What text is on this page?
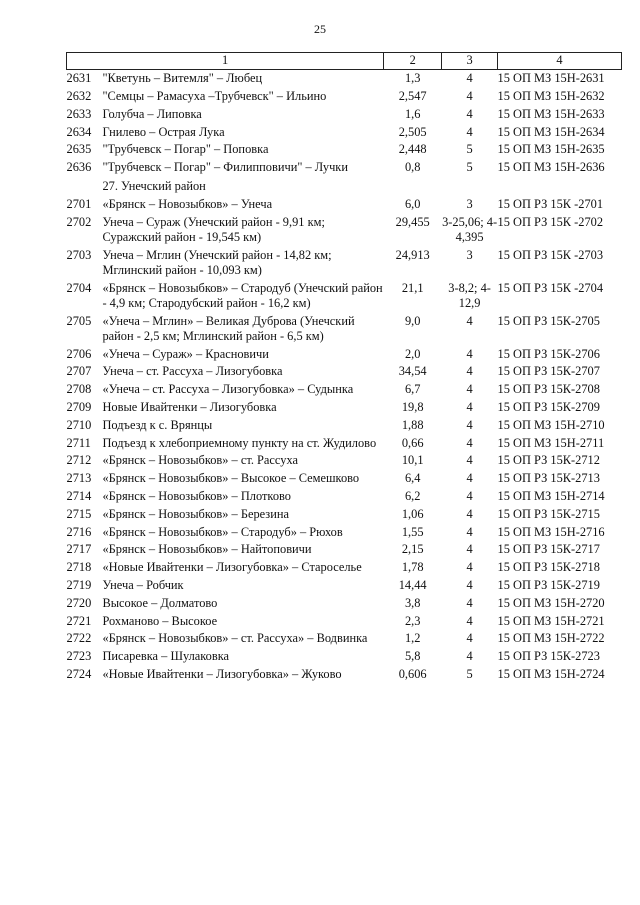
25
1		2	3	4
2631	"Кветунь – Витемля" – Любец	1,3	4	15 ОП МЗ 15Н-2631
2632	"Семцы – Рамасуха –Трубчевск" – Ильино	2,547	4	15 ОП МЗ 15Н-2632
2633	Голубча – Липовка	1,6	4	15 ОП МЗ 15Н-2633
2634	Гнилево – Острая Лука	2,505	4	15 ОП МЗ 15Н-2634
2635	"Трубчевск – Погар" – Поповка	2,448	5	15 ОП МЗ 15Н-2635
2636	"Трубчевск – Погар" – Филипповичи" – Лучки	0,8	5	15 ОП МЗ 15Н-2636
	27. Унечский район			
2701	«Брянск – Новозыбков» – Унеча	6,0	3	15 ОП РЗ 15К -2701
2702	Унеча – Сураж (Унечский район - 9,91 км; Суражский район - 19,545 км)	29,455	3-25,06; 4-4,395	15 ОП РЗ 15К -2702
2703	Унеча – Мглин (Унечский район - 14,82 км; Мглинский район - 10,093 км)	24,913	3	15 ОП РЗ 15К -2703
2704	«Брянск – Новозыбков» – Стародуб (Унечский район - 4,9 км; Стародубский район - 16,2 км)	21,1	3-8,2; 4-12,9	15 ОП РЗ 15К -2704
2705	«Унеча – Мглин» – Великая Дуброва (Унечский район - 2,5 км; Мглинский район - 6,5 км)	9,0	4	15 ОП РЗ 15К-2705
2706	«Унеча – Сураж» – Красновичи	2,0	4	15 ОП РЗ 15К-2706
2707	Унеча – ст. Рассуха – Лизогубовка	34,54	4	15 ОП РЗ 15К-2707
2708	«Унеча – ст. Рассуха – Лизогубовка» – Судынка	6,7	4	15 ОП РЗ 15К-2708
2709	Новые Ивайтенки – Лизогубовка	19,8	4	15 ОП РЗ 15К-2709
2710	Подъезд к с. Врянцы	1,88	4	15 ОП МЗ 15Н-2710
2711	Подъезд к хлебоприемному пункту на ст. Жудилово	0,66	4	15 ОП МЗ 15Н-2711
2712	«Брянск – Новозыбков» – ст. Рассуха	10,1	4	15 ОП РЗ 15К-2712
2713	«Брянск – Новозыбков» – Высокое – Семешково	6,4	4	15 ОП РЗ 15К-2713
2714	«Брянск – Новозыбков» – Плотково	6,2	4	15 ОП МЗ 15Н-2714
2715	«Брянск – Новозыбков» – Березина	1,06	4	15 ОП РЗ 15К-2715
2716	«Брянск – Новозыбков» – Стародуб» – Рюхов	1,55	4	15 ОП МЗ 15Н-2716
2717	«Брянск – Новозыбков» – Найтоповичи	2,15	4	15 ОП РЗ 15К-2717
2718	«Новые Ивайтенки – Лизогубовка» – Староселье	1,78	4	15 ОП РЗ 15К-2718
2719	Унеча – Робчик	14,44	4	15 ОП РЗ 15К-2719
2720	Высокое – Долматово	3,8	4	15 ОП МЗ 15Н-2720
2721	Рохманово – Высокое	2,3	4	15 ОП МЗ 15Н-2721
2722	«Брянск – Новозыбков» – ст. Рассуха» – Водвинка	1,2	4	15 ОП МЗ 15Н-2722
2723	Писаревка – Шулаковка	5,8	4	15 ОП РЗ 15К-2723
2724	«Новые Ивайтенки – Лизогубовка» – Жуково	0,606	5	15 ОП МЗ 15Н-2724
